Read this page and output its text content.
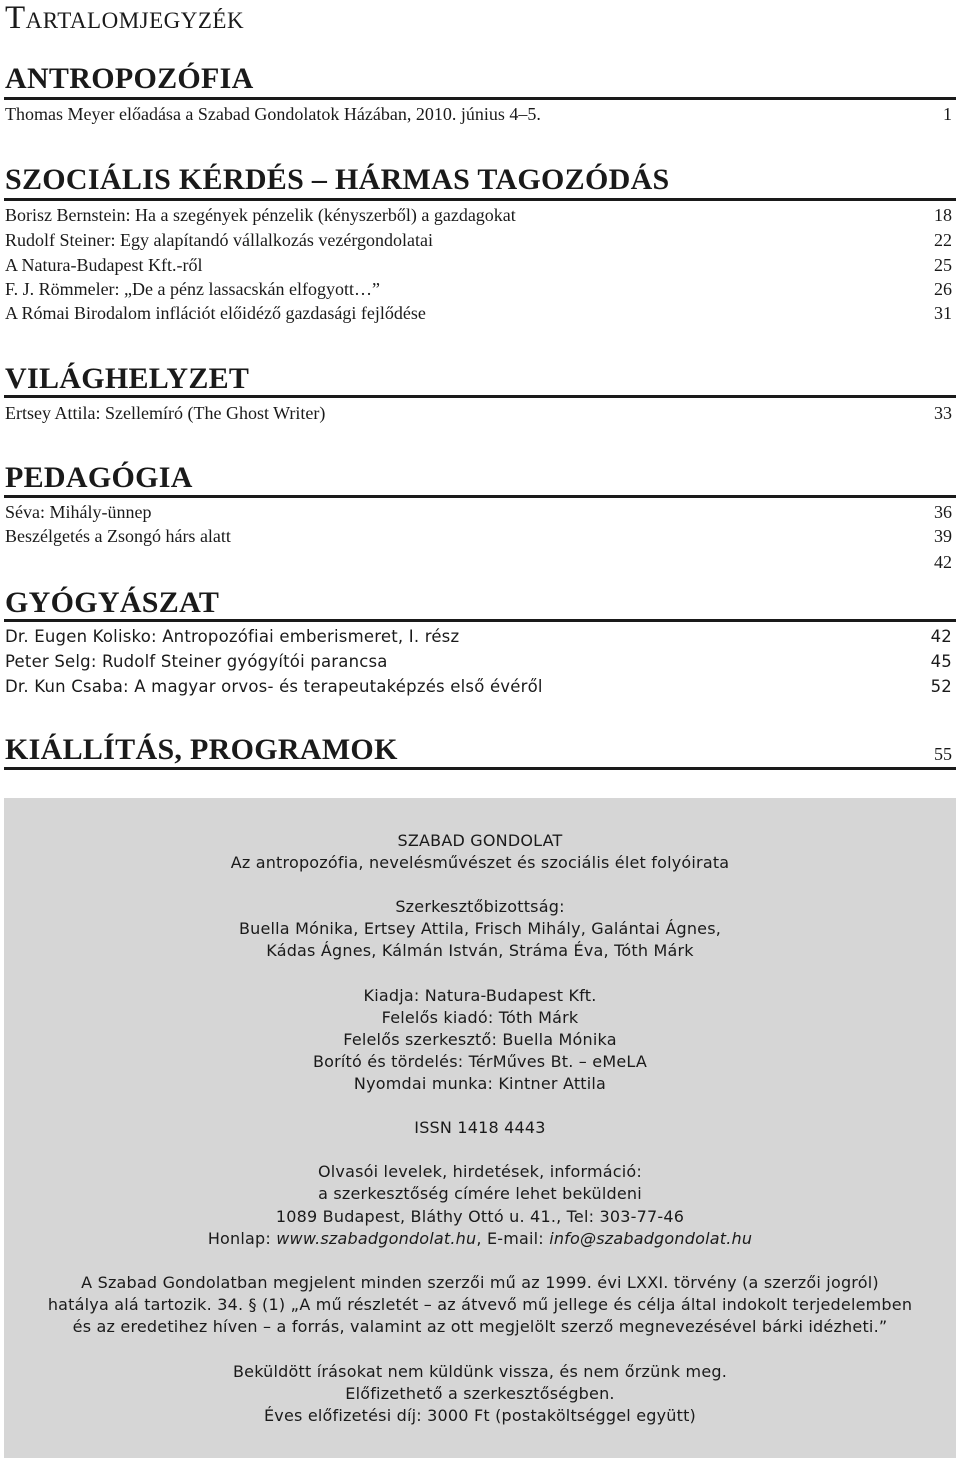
Tartalomjegyzék
ANTROPOZÓFIA
Thomas Meyer előadása a Szabad Gondolatok Házában, 2010. június 4–5.	1
SZOCIÁLIS KÉRDÉS – HÁRMAS TAGOZÓDÁS
Borisz Bernstein: Ha a szegények pénzelik (kényszerből) a gazdagokat	18
Rudolf Steiner: Egy alapítandó vállalkozás vezérgondolatai	22
A Natura-Budapest Kft.-ről	25
F. J. Römmeler: „De a pénz lassacskán elfogyott…”	26
A Római Birodalom inflációt előidéző gazdasági fejlődése	31
VILÁGHELYZET
Ertsey Attila: Szellemíró (The Ghost Writer)	33
PEDAGÓGIA
Séva: Mihály-ünnep	36
Beszélgetés a Zsongó hárs alatt	39
42
GYÓGYÁSZAT
Dr. Eugen Kolisko: Antropozófiai emberismeret, I. rész	42
Peter Selg: Rudolf Steiner gyógyítói parancsa	45
Dr. Kun Csaba: A magyar orvos- és terapeutaképzés első évéről	52
KIÁLLÍTÁS, PROGRAMOK	55
SZABAD GONDOLAT
Az antropozófia, nevelésművészet és szociális élet folyóirata
Szerkesztőbizottság:
Buella Mónika, Ertsey Attila, Frisch Mihály, Galántai Ágnes,
Kádas Ágnes, Kálmán István, Stráma Éva, Tóth Márk
Kiadja: Natura-Budapest Kft.
Felelős kiadó: Tóth Márk
Felelős szerkesztő: Buella Mónika
Borító és tördelés: TérMűves Bt. – eMeLA
Nyomdai munka: Kintner Attila
ISSN 1418 4443
Olvasói levelek, hirdetések, információ:
a szerkesztőség címére lehet beküldeni
1089 Budapest, Bláthy Ottó u. 41., Tel: 303-77-46
Honlap: www.szabadgondolat.hu, E-mail: info@szabadgondolat.hu
A Szabad Gondolatban megjelent minden szerzői mű az 1999. évi LXXI. törvény (a szerzői jogról)
hatálya alá tartozik. 34. § (1) „A mű részletét – az átvevő mű jellege és célja által indokolt terjedelemben
és az eredetihez híven – a forrás, valamint az ott megjelölt szerző megnevezésével bárki idézheti.”
Beküldött írásokat nem küldünk vissza, és nem őrzünk meg.
Előfizethető a szerkesztőségben.
Éves előfizetési díj: 3000 Ft (postaköltséggel együtt)
